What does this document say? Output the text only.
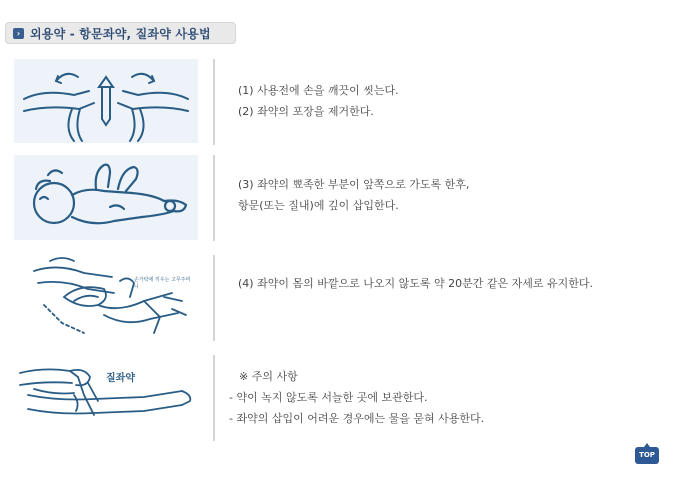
› 외용약 - 항문좌약, 질좌약 사용법
(1) 사용전에 손을 깨끗이 씻는다.
(2) 좌약의 포장을 제거한다.
(3) 좌약의 뾰족한 부분이 앞쪽으로 가도록 한후,
항문(또는 질내)에 깊이 삽입한다.
손가락에 끼우는 고무주머니	(4) 좌약이 몸의 바깥으로 나오지 않도록 약 20분간 같은 자세로 유지한다.
질좌약	※ 주의 사항
- 약이 녹지 않도록 서늘한 곳에 보관한다.
- 좌약의 삽입이 어려운 경우에는 물을 묻혀 사용한다.
TOP
